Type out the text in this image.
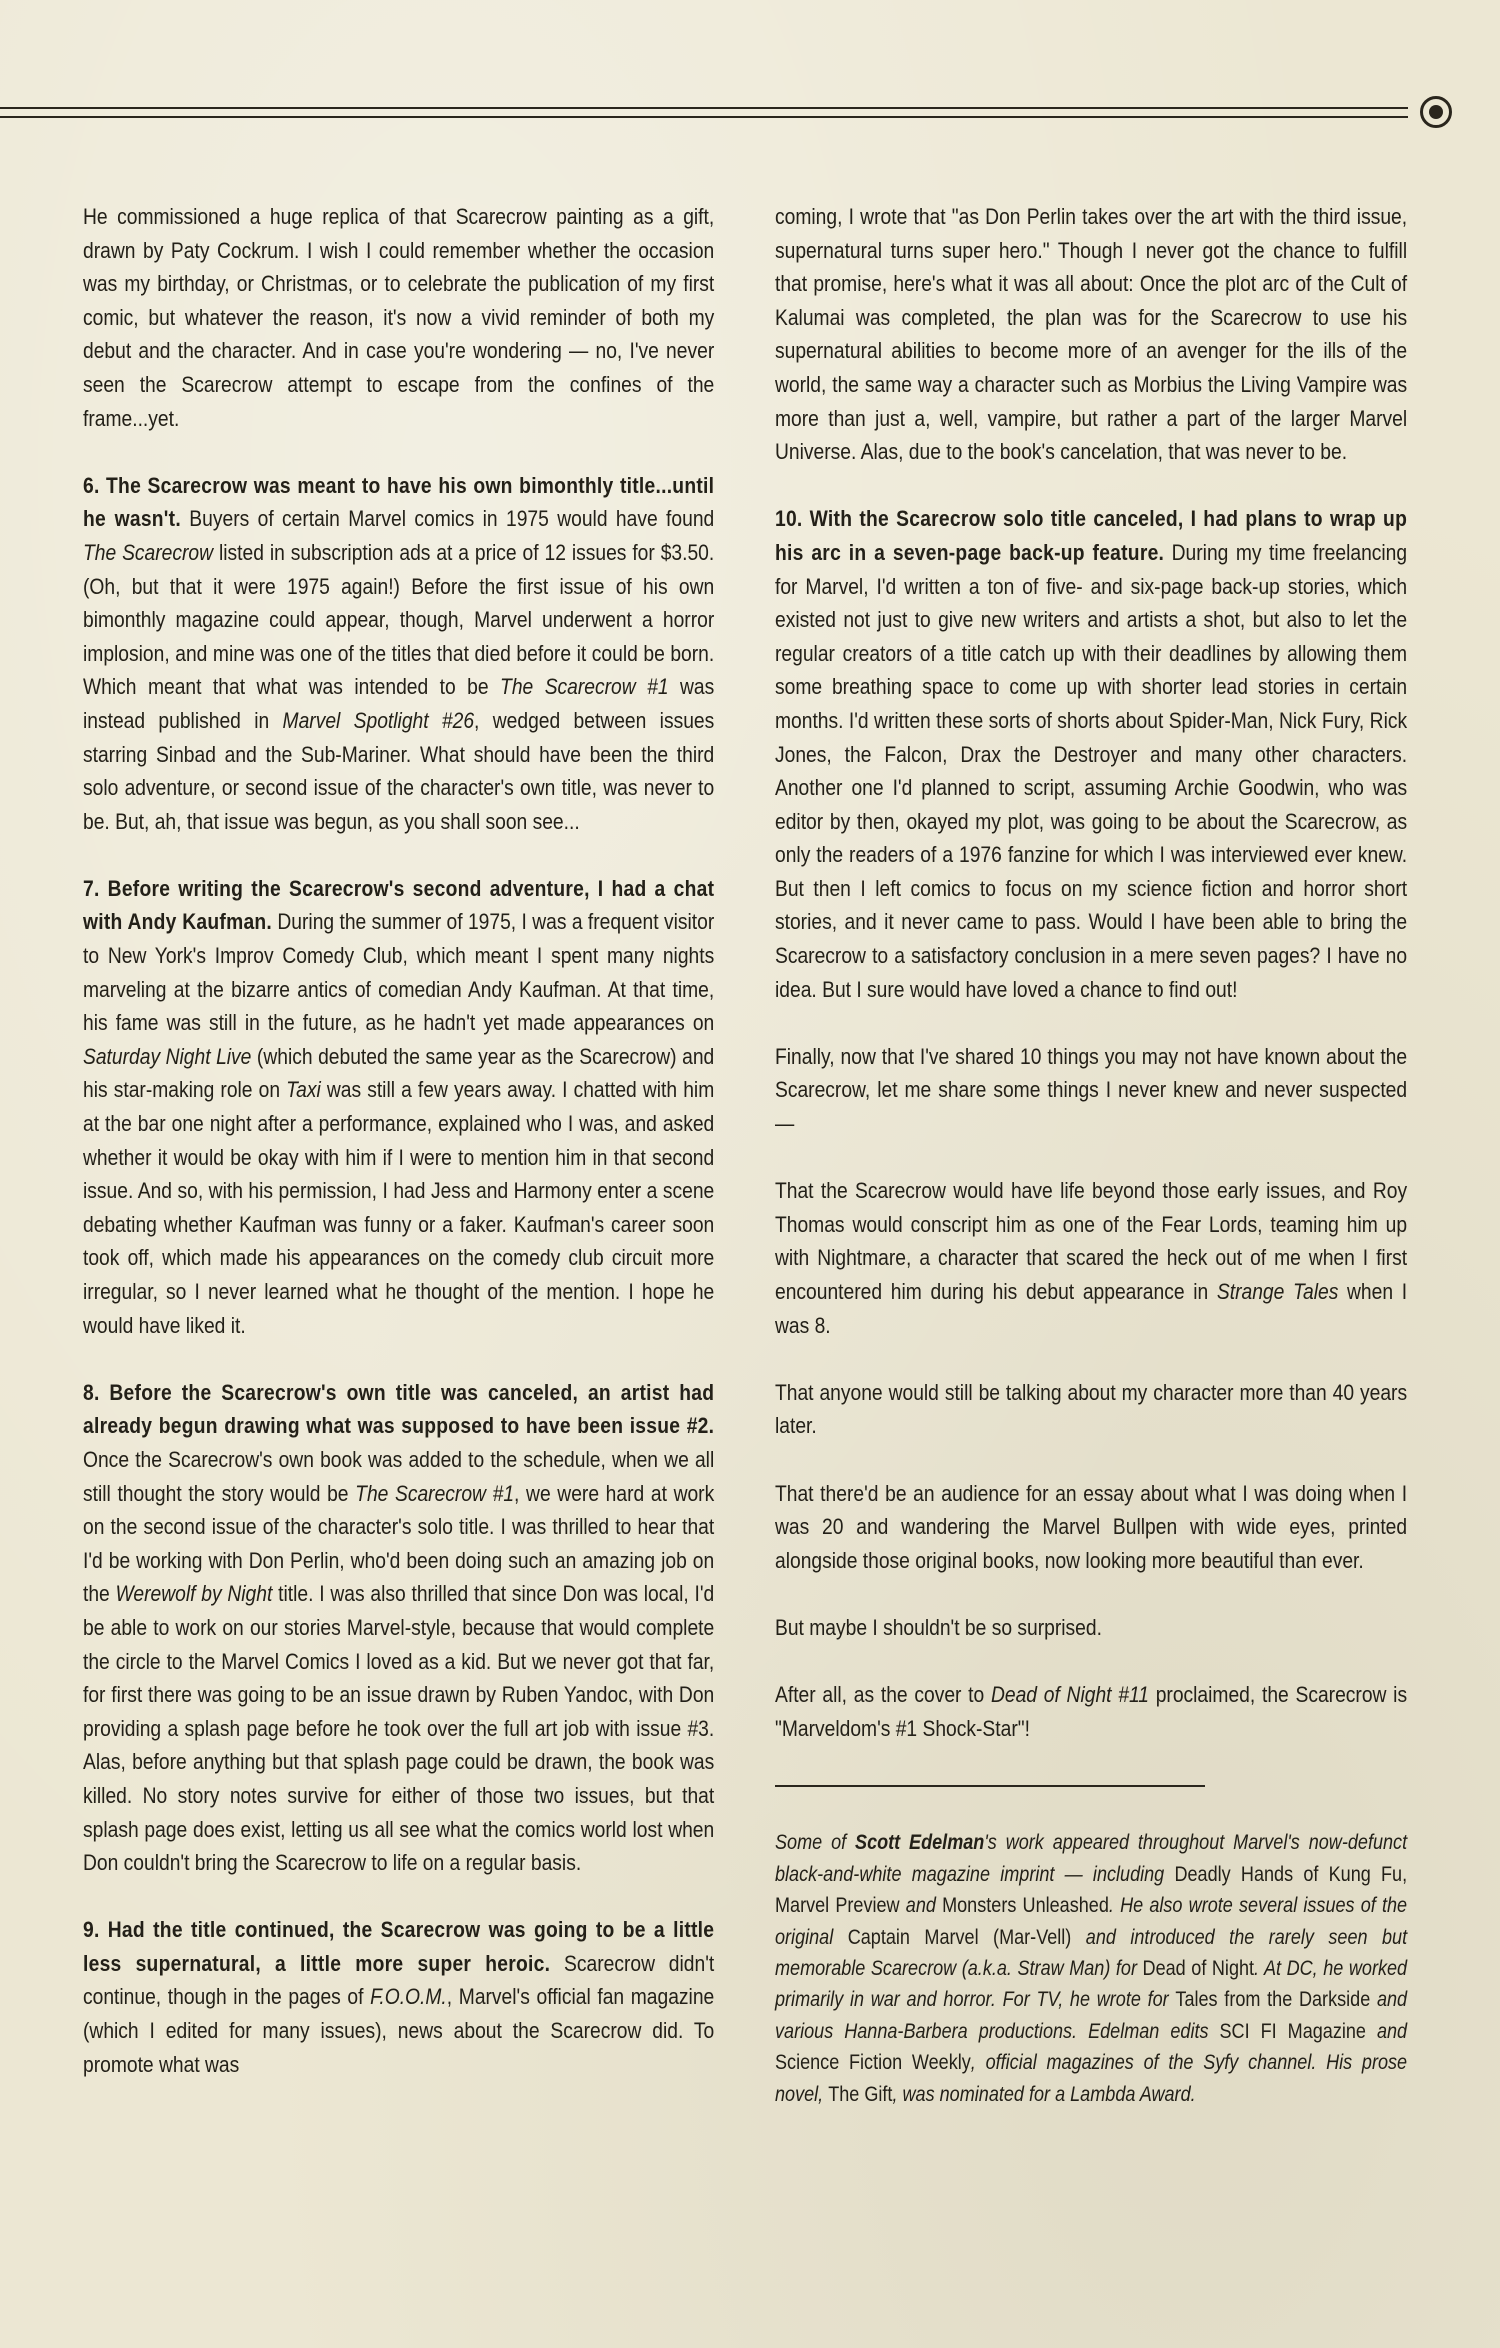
He commissioned a huge replica of that Scarecrow painting as a gift, drawn by Paty Cockrum. I wish I could remember whether the occasion was my birthday, or Christmas, or to celebrate the publication of my first comic, but whatever the reason, it's now a vivid reminder of both my debut and the character. And in case you're wondering — no, I've never seen the Scarecrow attempt to escape from the confines of the frame...yet.

6. The Scarecrow was meant to have his own bimonthly title...until he wasn't. Buyers of certain Marvel comics in 1975 would have found The Scarecrow listed in subscription ads at a price of 12 issues for $3.50. (Oh, but that it were 1975 again!) Before the first issue of his own bimonthly magazine could appear, though, Marvel underwent a horror implosion, and mine was one of the titles that died before it could be born. Which meant that what was intended to be The Scarecrow #1 was instead published in Marvel Spotlight #26, wedged between issues starring Sinbad and the Sub-Mariner. What should have been the third solo adventure, or second issue of the character's own title, was never to be. But, ah, that issue was begun, as you shall soon see...

7. Before writing the Scarecrow's second adventure, I had a chat with Andy Kaufman. During the summer of 1975, I was a frequent visitor to New York's Improv Comedy Club, which meant I spent many nights marveling at the bizarre antics of comedian Andy Kaufman. At that time, his fame was still in the future, as he hadn't yet made appearances on Saturday Night Live (which debuted the same year as the Scarecrow) and his star-making role on Taxi was still a few years away. I chatted with him at the bar one night after a performance, explained who I was, and asked whether it would be okay with him if I were to mention him in that second issue. And so, with his permission, I had Jess and Harmony enter a scene debating whether Kaufman was funny or a faker. Kaufman's career soon took off, which made his appearances on the comedy club circuit more irregular, so I never learned what he thought of the mention. I hope he would have liked it.

8. Before the Scarecrow's own title was canceled, an artist had already begun drawing what was supposed to have been issue #2. Once the Scarecrow's own book was added to the schedule, when we all still thought the story would be The Scarecrow #1, we were hard at work on the second issue of the character's solo title. I was thrilled to hear that I'd be working with Don Perlin, who'd been doing such an amazing job on the Werewolf by Night title. I was also thrilled that since Don was local, I'd be able to work on our stories Marvel-style, because that would complete the circle to the Marvel Comics I loved as a kid. But we never got that far, for first there was going to be an issue drawn by Ruben Yandoc, with Don providing a splash page before he took over the full art job with issue #3. Alas, before anything but that splash page could be drawn, the book was killed. No story notes survive for either of those two issues, but that splash page does exist, letting us all see what the comics world lost when Don couldn't bring the Scarecrow to life on a regular basis.

9. Had the title continued, the Scarecrow was going to be a little less supernatural, a little more super heroic. Scarecrow didn't continue, though in the pages of F.O.O.M., Marvel's official fan magazine (which I edited for many issues), news about the Scarecrow did. To promote what was

coming, I wrote that "as Don Perlin takes over the art with the third issue, supernatural turns super hero." Though I never got the chance to fulfill that promise, here's what it was all about: Once the plot arc of the Cult of Kalumai was completed, the plan was for the Scarecrow to use his supernatural abilities to become more of an avenger for the ills of the world, the same way a character such as Morbius the Living Vampire was more than just a, well, vampire, but rather a part of the larger Marvel Universe. Alas, due to the book's cancelation, that was never to be.

10. With the Scarecrow solo title canceled, I had plans to wrap up his arc in a seven-page back-up feature. During my time freelancing for Marvel, I'd written a ton of five- and six-page back-up stories, which existed not just to give new writers and artists a shot, but also to let the regular creators of a title catch up with their deadlines by allowing them some breathing space to come up with shorter lead stories in certain months. I'd written these sorts of shorts about Spider-Man, Nick Fury, Rick Jones, the Falcon, Drax the Destroyer and many other characters. Another one I'd planned to script, assuming Archie Goodwin, who was editor by then, okayed my plot, was going to be about the Scarecrow, as only the readers of a 1976 fanzine for which I was interviewed ever knew. But then I left comics to focus on my science fiction and horror short stories, and it never came to pass. Would I have been able to bring the Scarecrow to a satisfactory conclusion in a mere seven pages? I have no idea. But I sure would have loved a chance to find out!

Finally, now that I've shared 10 things you may not have known about the Scarecrow, let me share some things I never knew and never suspected —

That the Scarecrow would have life beyond those early issues, and Roy Thomas would conscript him as one of the Fear Lords, teaming him up with Nightmare, a character that scared the heck out of me when I first encountered him during his debut appearance in Strange Tales when I was 8.

That anyone would still be talking about my character more than 40 years later.

That there'd be an audience for an essay about what I was doing when I was 20 and wandering the Marvel Bullpen with wide eyes, printed alongside those original books, now looking more beautiful than ever.

But maybe I shouldn't be so surprised.

After all, as the cover to Dead of Night #11 proclaimed, the Scarecrow is "Marveldom's #1 Shock-Star"!

Some of Scott Edelman's work appeared throughout Marvel's now-defunct black-and-white magazine imprint — including Deadly Hands of Kung Fu, Marvel Preview and Monsters Unleashed. He also wrote several issues of the original Captain Marvel (Mar-Vell) and introduced the rarely seen but memorable Scarecrow (a.k.a. Straw Man) for Dead of Night. At DC, he worked primarily in war and horror. For TV, he wrote for Tales from the Darkside and various Hanna-Barbera productions. Edelman edits SCI FI Magazine and Science Fiction Weekly, official magazines of the Syfy channel. His prose novel, The Gift, was nominated for a Lambda Award.
